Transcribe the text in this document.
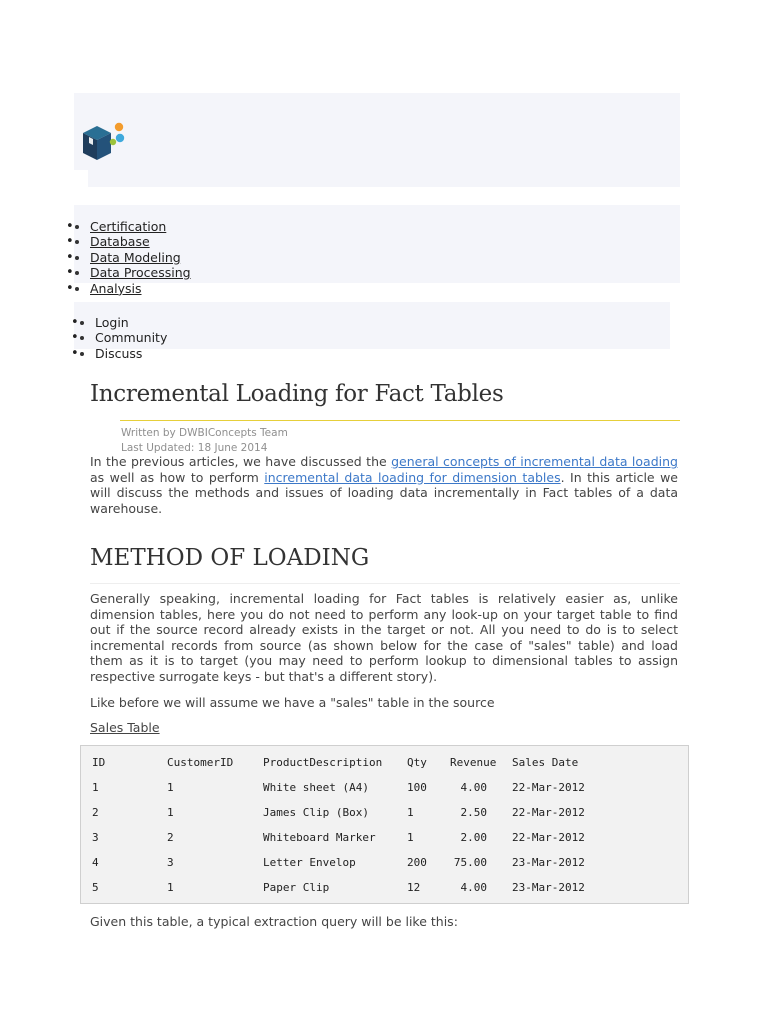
• • Certification
• • Database
• • Data Modeling
• • Data Processing
• • Analysis
• • Login
• • Community
• • Discuss
Incremental Loading for Fact Tables
Written by DWBIConcepts Team
Last Updated: 18 June 2014

In the previous articles, we have discussed the general concepts of incremental data loading as well as how to perform incremental data loading for dimension tables. In this article we will discuss the methods and issues of loading data incrementally in Fact tables of a data warehouse.

METHOD OF LOADING

Generally speaking, incremental loading for Fact tables is relatively easier as, unlike dimension tables, here you do not need to perform any look-up on your target table to find out if the source record already exists in the target or not. All you need to do is to select incremental records from source (as shown below for the case of "sales" table) and load them as it is to target (you may need to perform lookup to dimensional tables to assign respective surrogate keys - but that's a different story).

Like before we will assume we have a "sales" table in the source

Sales Table
ID	CustomerID	ProductDescription Qty Revenue Sales Date
1	1	White sheet (A4)	100	4.00 22-Mar-2012
2	1	James Clip (Box)	1	2.50 22-Mar-2012
3	2	Whiteboard Marker	1	2.00 22-Mar-2012
4	3	Letter Envelop	200	75.00 23-Mar-2012
5	1	Paper Clip	12	4.00 23-Mar-2012

Given this table, a typical extraction query will be like this:
